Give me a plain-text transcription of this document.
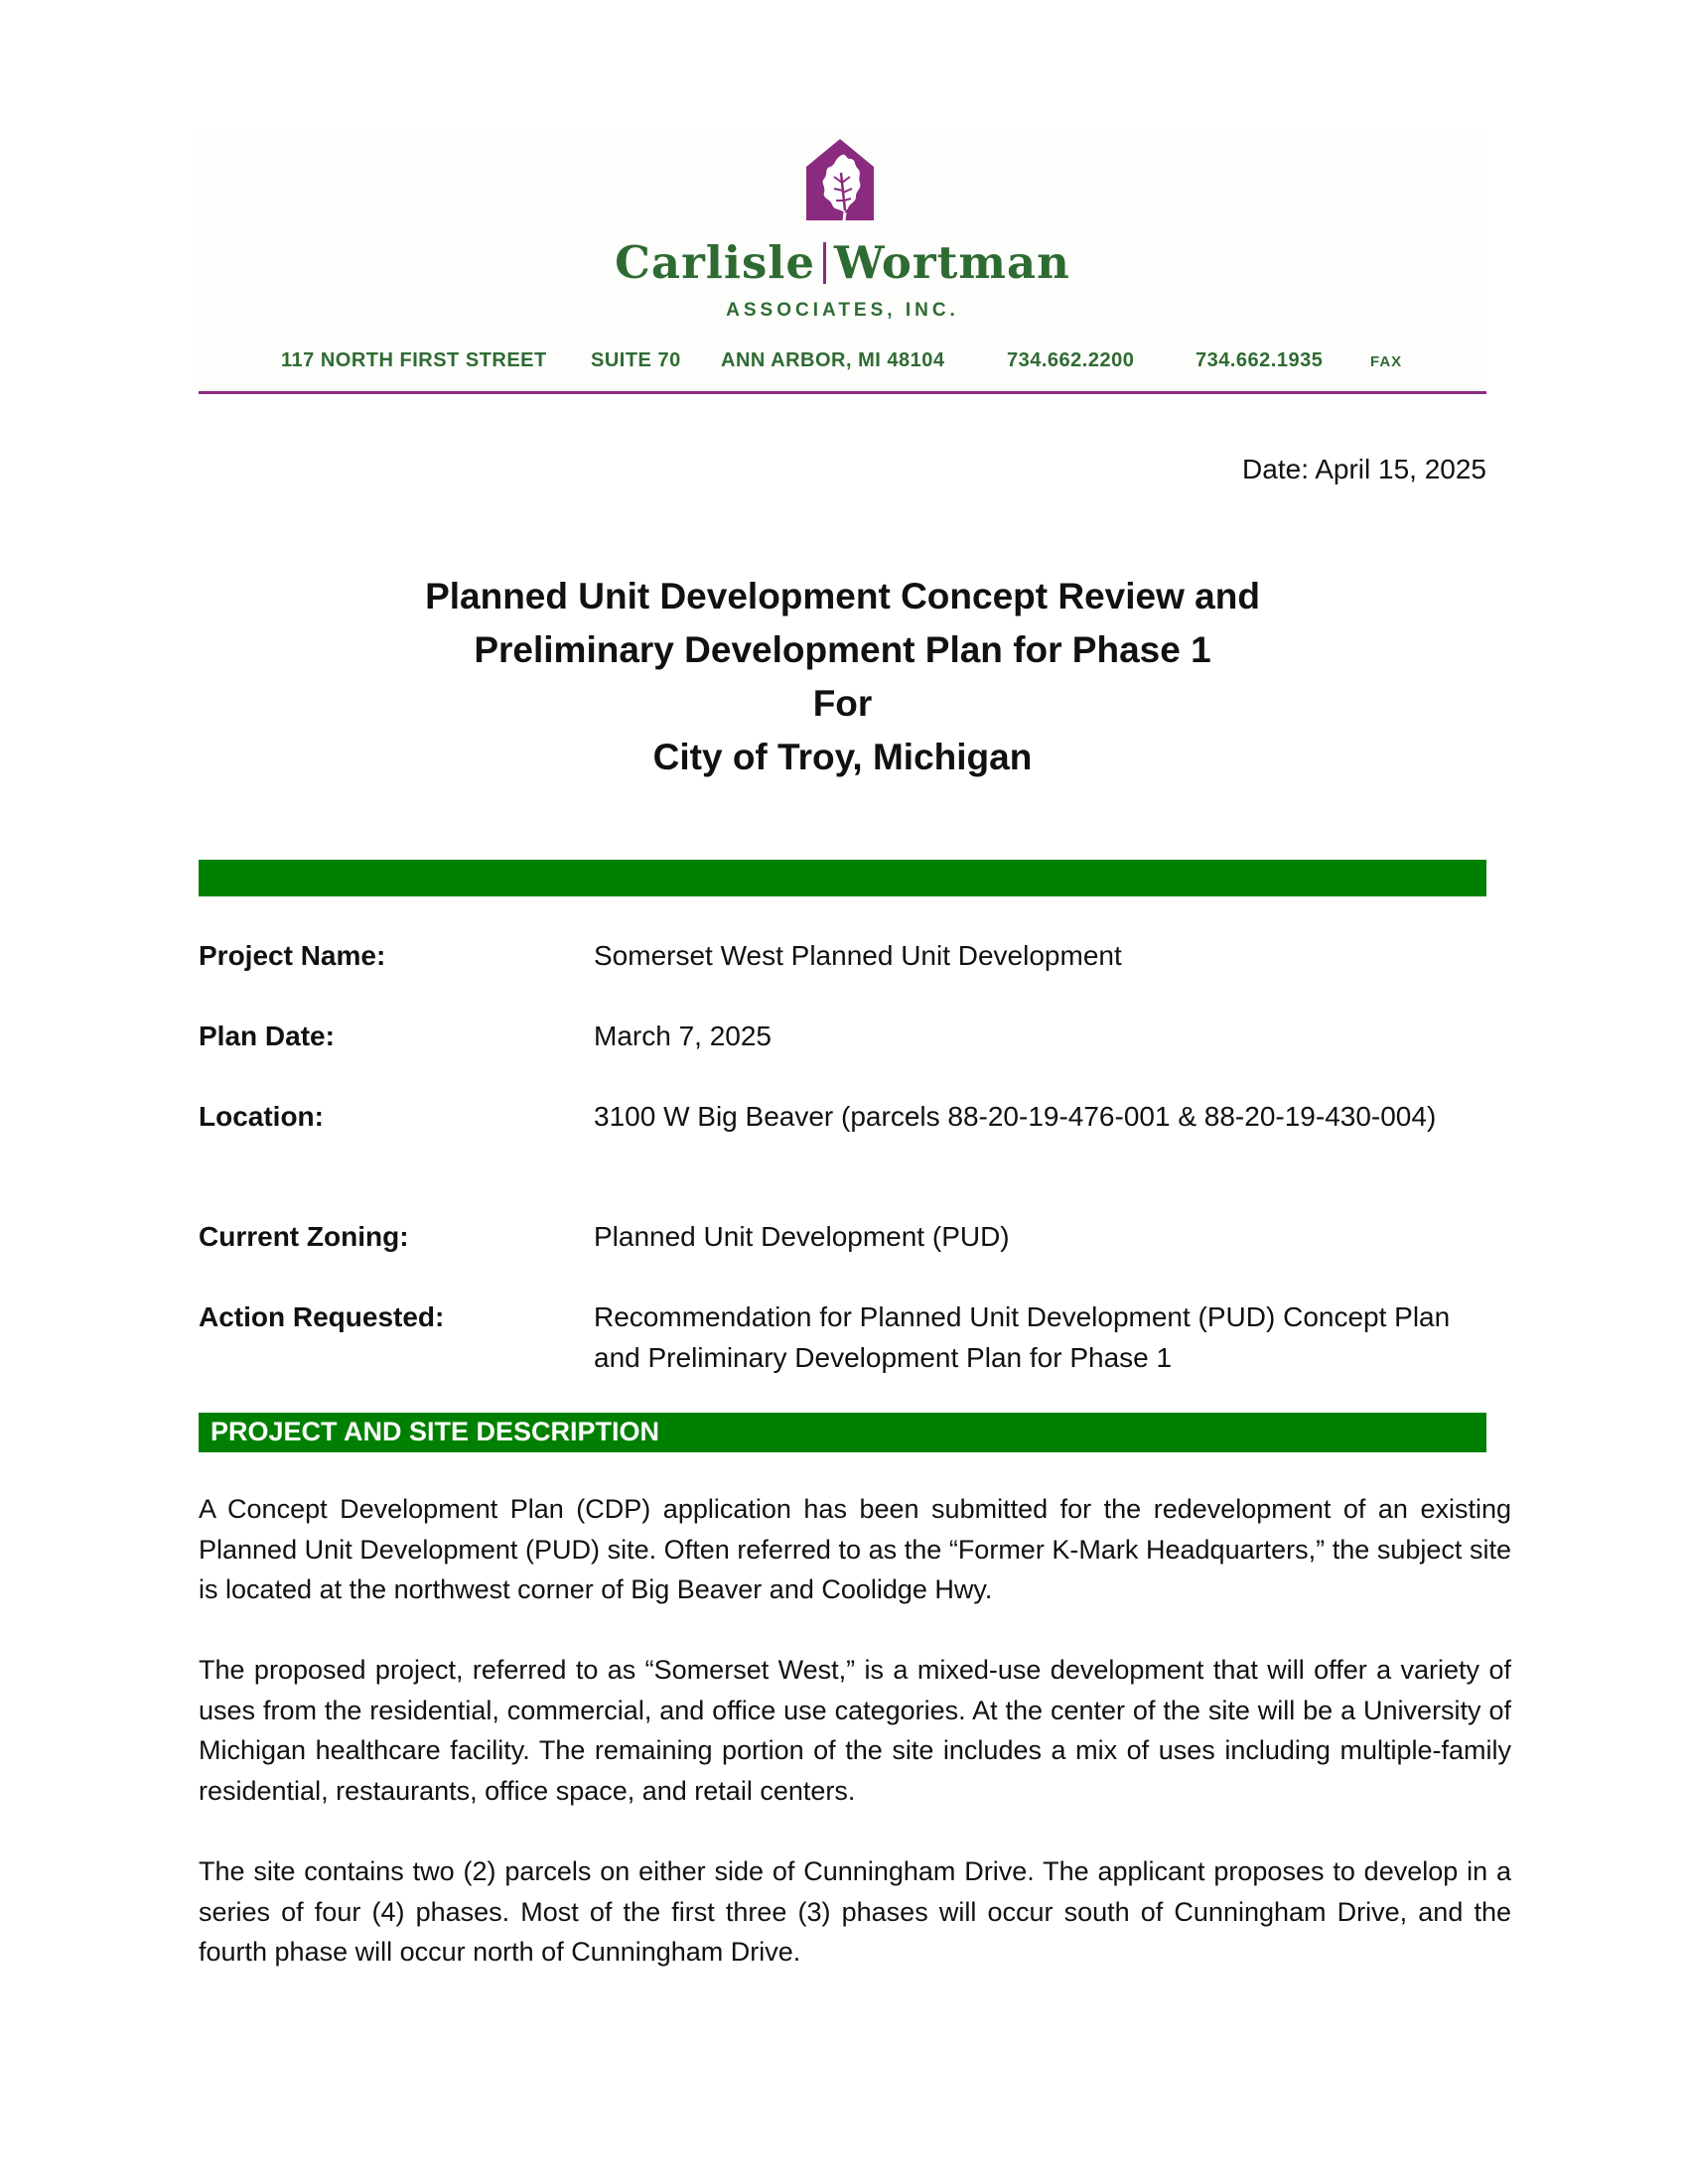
Carlisle Wortman
ASSOCIATES, INC.
117 NORTH FIRST STREET SUITE 70 ANN ARBOR, MI 48104	734.662.2200	734.662.1935	FAX
Date: April 15, 2025
Planned Unit Development Concept Review and
Preliminary Development Plan for Phase 1
For
City of Troy, Michigan
Project Name:	Somerset West Planned Unit Development
Plan Date:	March 7, 2025
Location:	3100 W Big Beaver (parcels 88-20-19-476-001 & 88-20-19-430-004)
Current Zoning:	Planned Unit Development (PUD)
Action Requested:	Recommendation for Planned Unit Development (PUD) Concept Plan and Preliminary Development Plan for Phase 1
PROJECT AND SITE DESCRIPTION
A Concept Development Plan (CDP) application has been submitted for the redevelopment of an existing Planned Unit Development (PUD) site. Often referred to as the “Former K-Mark Headquarters,” the subject site is located at the northwest corner of Big Beaver and Coolidge Hwy.
The proposed project, referred to as “Somerset West,” is a mixed-use development that will offer a variety of uses from the residential, commercial, and office use categories. At the center of the site will be a University of Michigan healthcare facility. The remaining portion of the site includes a mix of uses including multiple-family residential, restaurants, office space, and retail centers.
The site contains two (2) parcels on either side of Cunningham Drive. The applicant proposes to develop in a series of four (4) phases. Most of the first three (3) phases will occur south of Cunningham Drive, and the fourth phase will occur north of Cunningham Drive.
